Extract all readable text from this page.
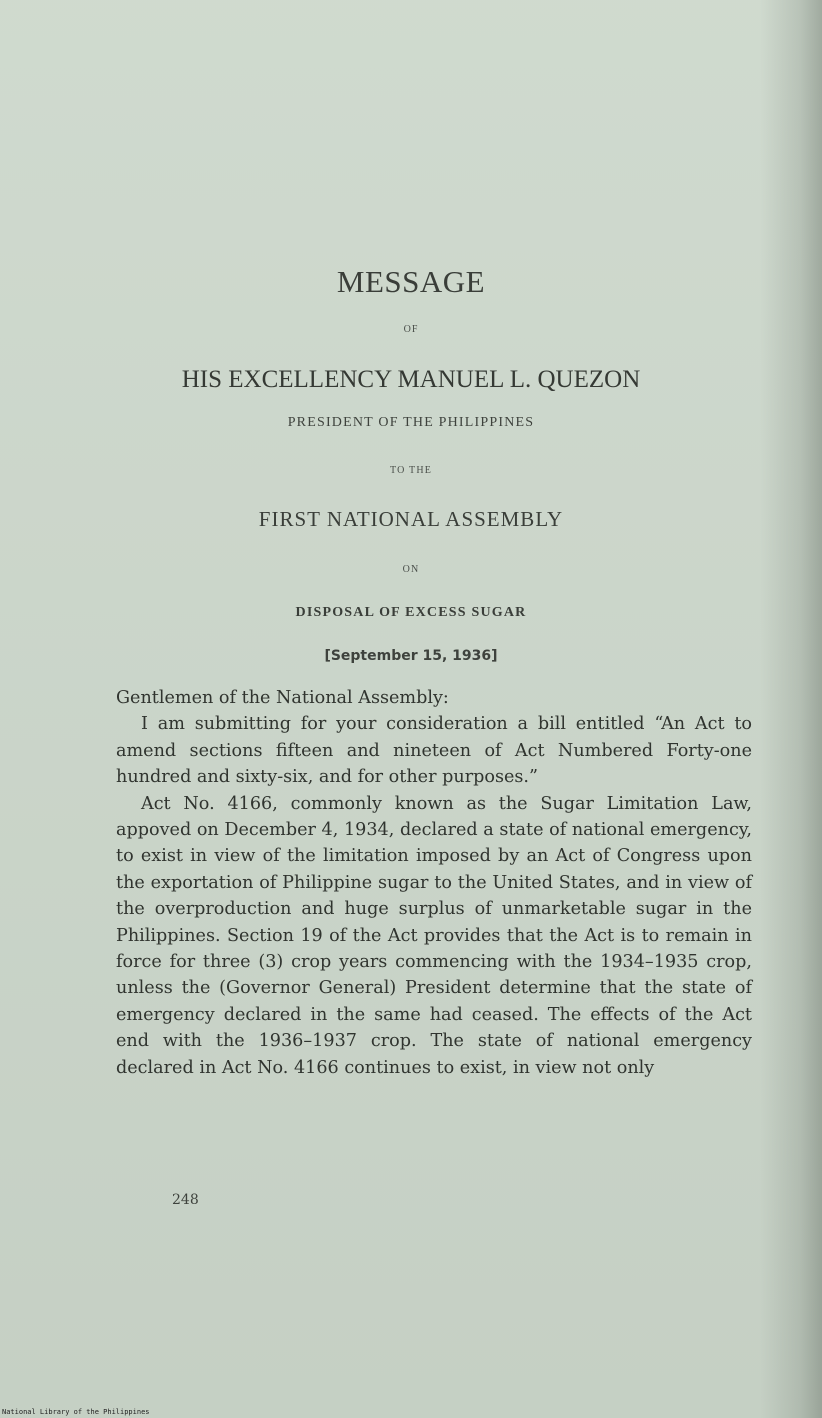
MESSAGE
OF
HIS EXCELLENCY MANUEL L. QUEZON
PRESIDENT OF THE PHILIPPINES
TO THE
FIRST NATIONAL ASSEMBLY
ON
DISPOSAL OF EXCESS SUGAR
[September 15, 1936]

Gentlemen of the National Assembly:

I am submitting for your consideration a bill entitled “An Act to amend sections fifteen and nineteen of Act Numbered Forty-one hundred and sixty-six, and for other purposes.”

Act No. 4166, commonly known as the Sugar Limitation Law, appoved on December 4, 1934, declared a state of national emergency, to exist in view of the limitation imposed by an Act of Congress upon the exportation of Philippine sugar to the United States, and in view of the overproduction and huge surplus of unmarketable sugar in the Philippines. Section 19 of the Act provides that the Act is to remain in force for three (3) crop years commencing with the 1934–1935 crop, unless the (Governor General) President determine that the state of emergency declared in the same had ceased. The effects of the Act end with the 1936–1937 crop. The state of national emergency declared in Act No. 4166 continues to exist, in view not only

248
National Library of the Philippines
